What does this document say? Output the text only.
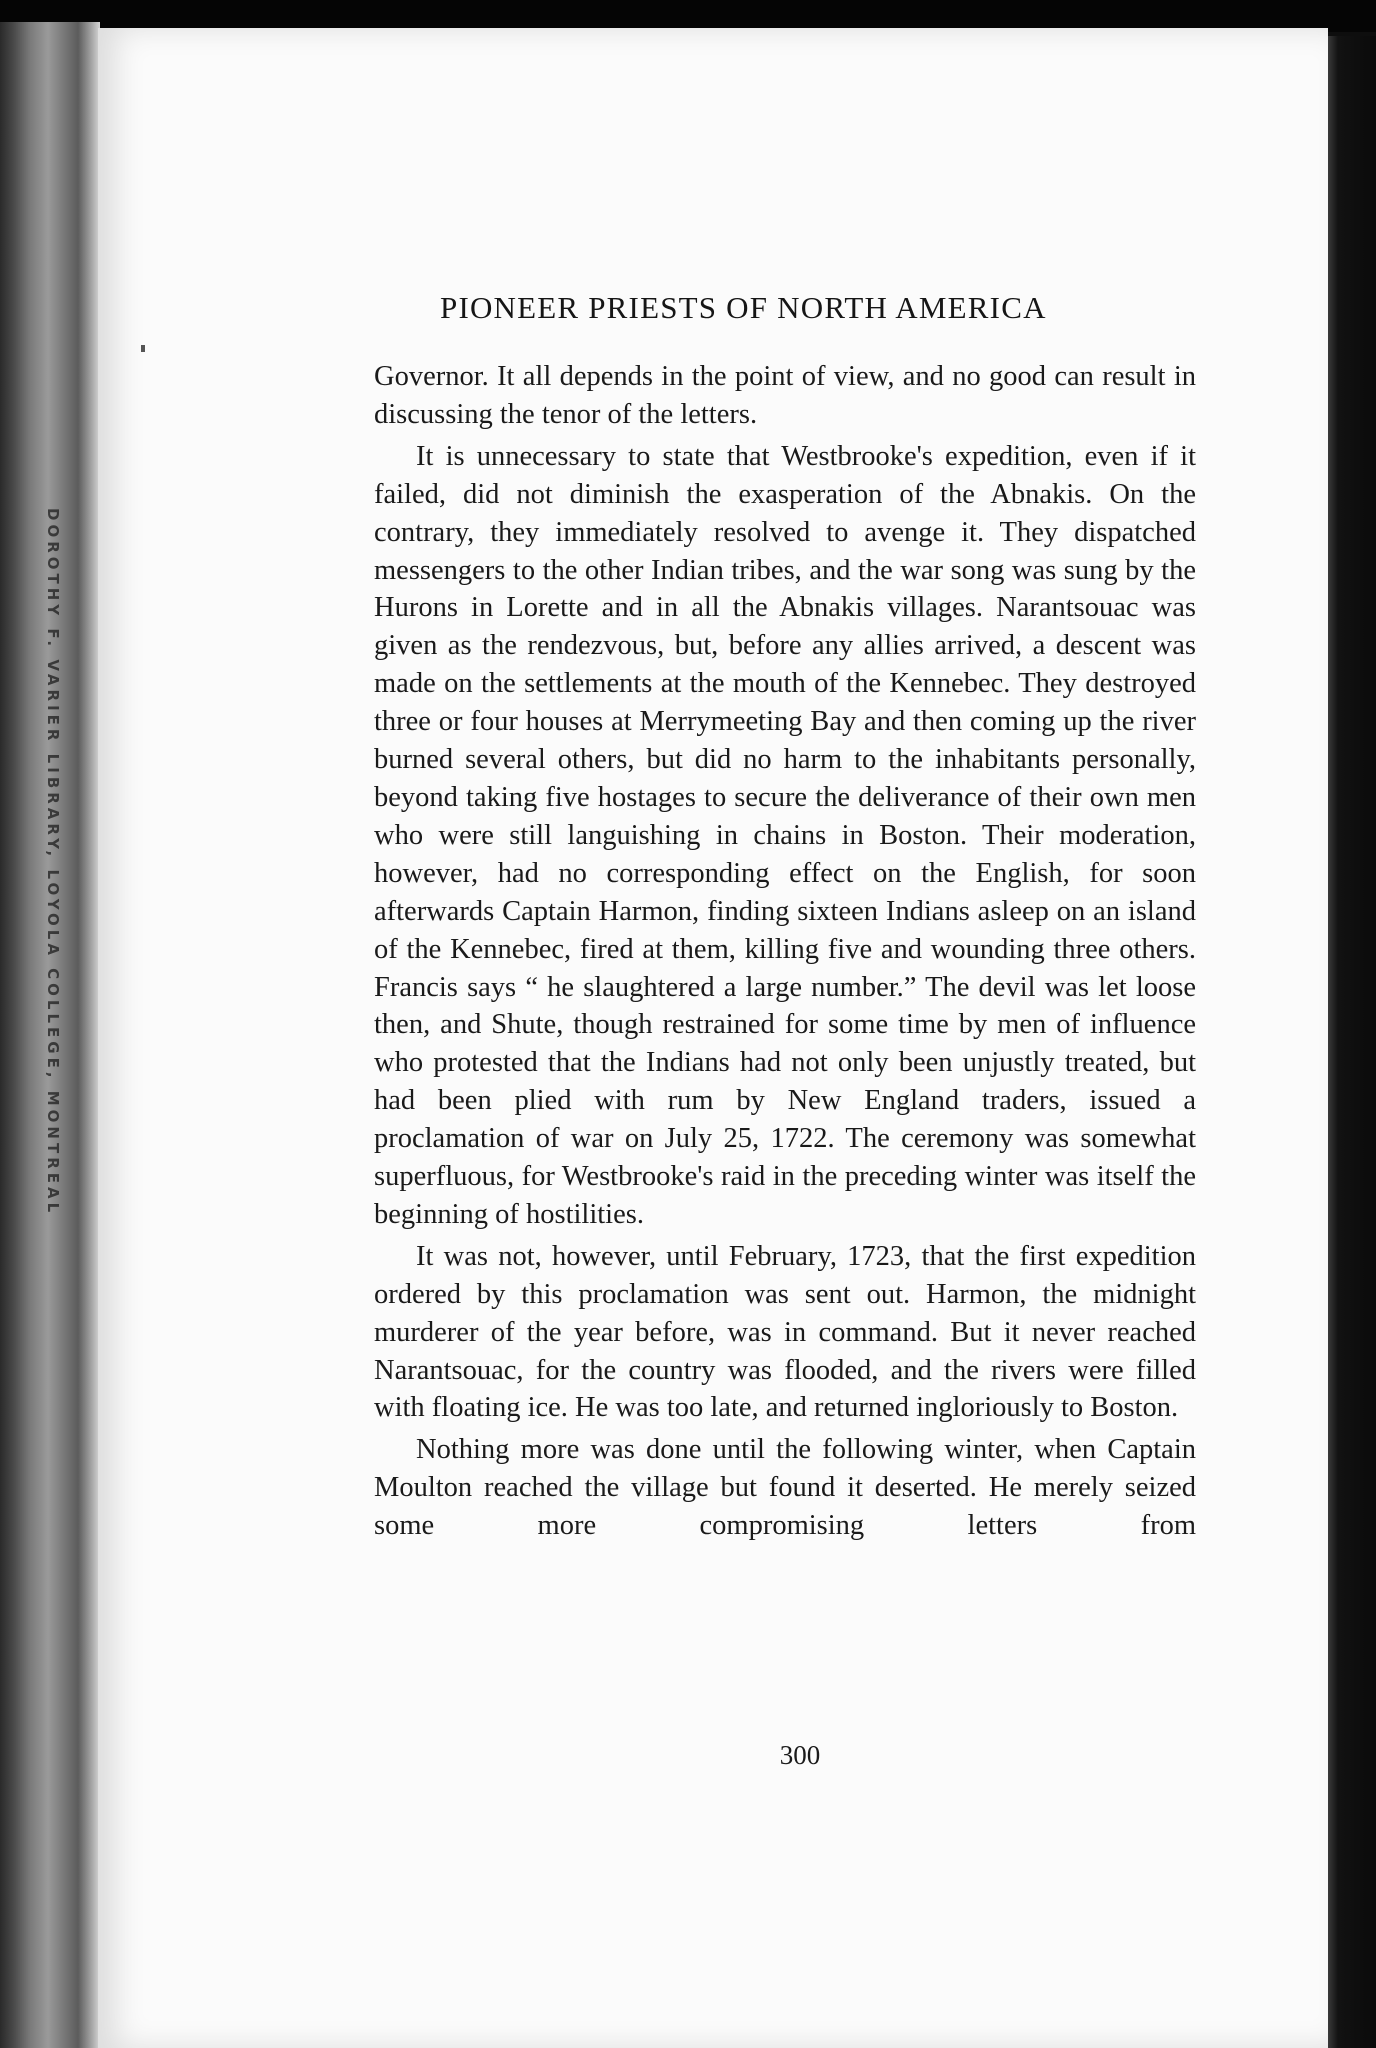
DOROTHY F. VARIER LIBRARY, LOYOLA COLLEGE, MONTREAL
PIONEER PRIESTS OF NORTH AMERICA

Governor. It all depends in the point of view, and no good can result in discussing the tenor of the letters.

It is unnecessary to state that Westbrooke's expedition, even if it failed, did not diminish the exasperation of the Abnakis. On the contrary, they immediately resolved to avenge it. They dispatched messengers to the other Indian tribes, and the war song was sung by the Hurons in Lorette and in all the Abnakis villages. Narantsouac was given as the rendezvous, but, before any allies arrived, a descent was made on the settlements at the mouth of the Kennebec. They destroyed three or four houses at Merrymeeting Bay and then coming up the river burned several others, but did no harm to the inhabitants personally, beyond taking five hostages to secure the deliverance of their own men who were still languishing in chains in Boston. Their moderation, however, had no corresponding effect on the English, for soon afterwards Captain Harmon, finding sixteen Indians asleep on an island of the Kennebec, fired at them, killing five and wounding three others. Francis says “ he slaughtered a large number.” The devil was let loose then, and Shute, though restrained for some time by men of influence who protested that the Indians had not only been unjustly treated, but had been plied with rum by New England traders, issued a proclamation of war on July 25, 1722. The ceremony was somewhat superfluous, for Westbrooke's raid in the preceding winter was itself the beginning of hostilities.

It was not, however, until February, 1723, that the first expedition ordered by this proclamation was sent out. Harmon, the midnight murderer of the year before, was in command. But it never reached Narantsouac, for the country was flooded, and the rivers were filled with floating ice. He was too late, and returned ingloriously to Boston.

Nothing more was done until the following winter, when Captain Moulton reached the village but found it deserted. He merely seized some more compromising letters from

300
